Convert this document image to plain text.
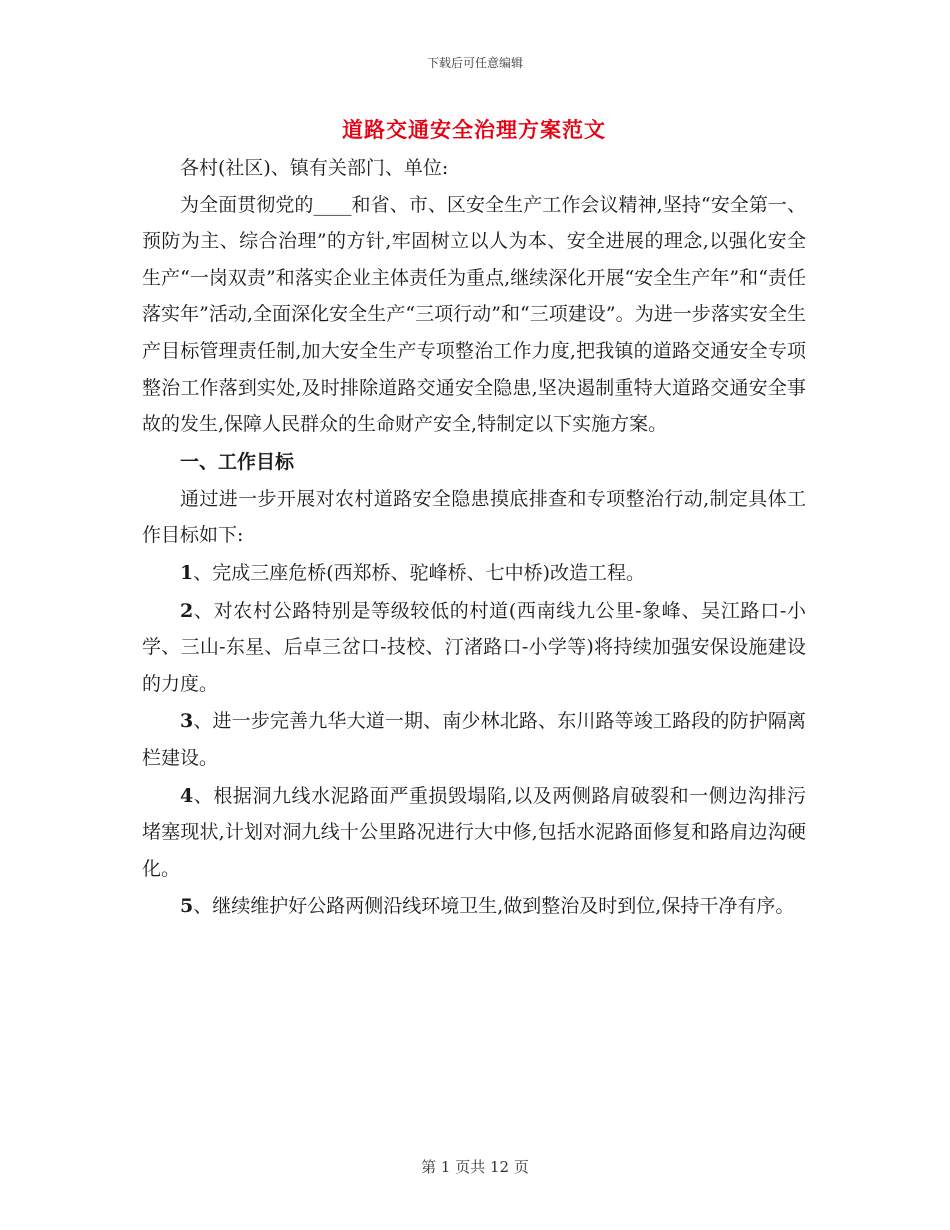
下载后可任意编辑
道路交通安全治理方案范文

各村(社区)、镇有关部门、单位:

为全面贯彻党的____和省、市、区安全生产工作会议精神,坚持“安全第一、预防为主、综合治理”的方针,牢固树立以人为本、安全进展的理念,以强化安全生产“一岗双责”和落实企业主体责任为重点,继续深化开展“安全生产年”和“责任落实年”活动,全面深化安全生产“三项行动”和“三项建设”。为进一步落实安全生产目标管理责任制,加大安全生产专项整治工作力度,把我镇的道路交通安全专项整治工作落到实处,及时排除道路交通安全隐患,坚决遏制重特大道路交通安全事故的发生,保障人民群众的生命财产安全,特制定以下实施方案。

一、工作目标

通过进一步开展对农村道路安全隐患摸底排查和专项整治行动,制定具体工作目标如下:

1、完成三座危桥(西郑桥、驼峰桥、七中桥)改造工程。

2、对农村公路特别是等级较低的村道(西南线九公里-象峰、吴江路口-小学、三山-东星、后卓三岔口-技校、汀渚路口-小学等)将持续加强安保设施建设的力度。

3、进一步完善九华大道一期、南少林北路、东川路等竣工路段的防护隔离栏建设。

4、根据洞九线水泥路面严重损毁塌陷,以及两侧路肩破裂和一侧边沟排污堵塞现状,计划对洞九线十公里路况进行大中修,包括水泥路面修复和路肩边沟硬化。

5、继续维护好公路两侧沿线环境卫生,做到整治及时到位,保持干净有序。

第 1 页共 12 页
